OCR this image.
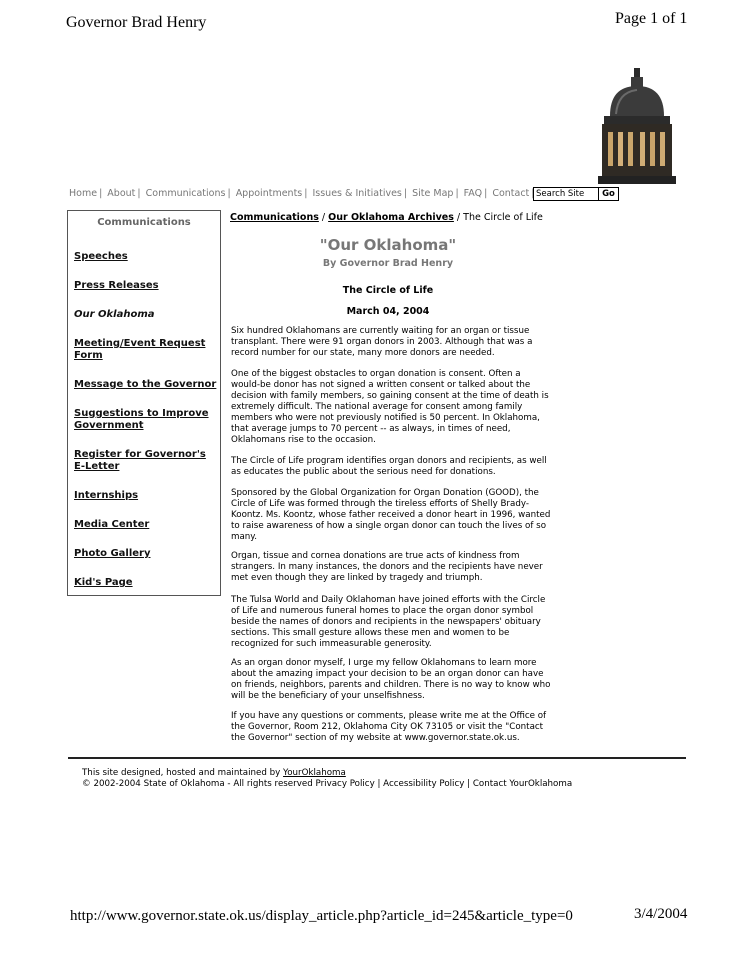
Governor Brad Henry	Page 1 of 1
Home | About | Communications | Appointments | Issues & Initiatives | Site Map | FAQ | Contact Search Site	Go
Communications
Speeches
Press Releases
Our Oklahoma
Meeting/Event Request Form
Message to the Governor
Suggestions to Improve Government
Register for Governor's E-Letter
Internships
Media Center
Photo Gallery
Kid's Page
Communications / Our Oklahoma Archives / The Circle of Life
"Our Oklahoma"
By Governor Brad Henry
The Circle of Life
March 04, 2004
Six hundred Oklahomans are currently waiting for an organ or tissue transplant. There were 91 organ donors in 2003. Although that was a record number for our state, many more donors are needed.
One of the biggest obstacles to organ donation is consent. Often a would-be donor has not signed a written consent or talked about the decision with family members, so gaining consent at the time of death is extremely difficult. The national average for consent among family members who were not previously notified is 50 percent. In Oklahoma, that average jumps to 70 percent -- as always, in times of need, Oklahomans rise to the occasion.
The Circle of Life program identifies organ donors and recipients, as well as educates the public about the serious need for donations.
Sponsored by the Global Organization for Organ Donation (GOOD), the Circle of Life was formed through the tireless efforts of Shelly Brady-Koontz. Ms. Koontz, whose father received a donor heart in 1996, wanted to raise awareness of how a single organ donor can touch the lives of so many.
Organ, tissue and cornea donations are true acts of kindness from strangers. In many instances, the donors and the recipients have never met even though they are linked by tragedy and triumph.
The Tulsa World and Daily Oklahoman have joined efforts with the Circle of Life and numerous funeral homes to place the organ donor symbol beside the names of donors and recipients in the newspapers' obituary sections. This small gesture allows these men and women to be recognized for such immeasurable generosity.
As an organ donor myself, I urge my fellow Oklahomans to learn more about the amazing impact your decision to be an organ donor can have on friends, neighbors, parents and children. There is no way to know who will be the beneficiary of your unselfishness.
If you have any questions or comments, please write me at the Office of the Governor, Room 212, Oklahoma City OK 73105 or visit the "Contact the Governor" section of my website at www.governor.state.ok.us.
This site designed, hosted and maintained by YourOklahoma
© 2002-2004 State of Oklahoma - All rights reserved Privacy Policy | Accessibility Policy | Contact YourOklahoma
http://www.governor.state.ok.us/display_article.php?article_id=245&article_type=0	3/4/2004
